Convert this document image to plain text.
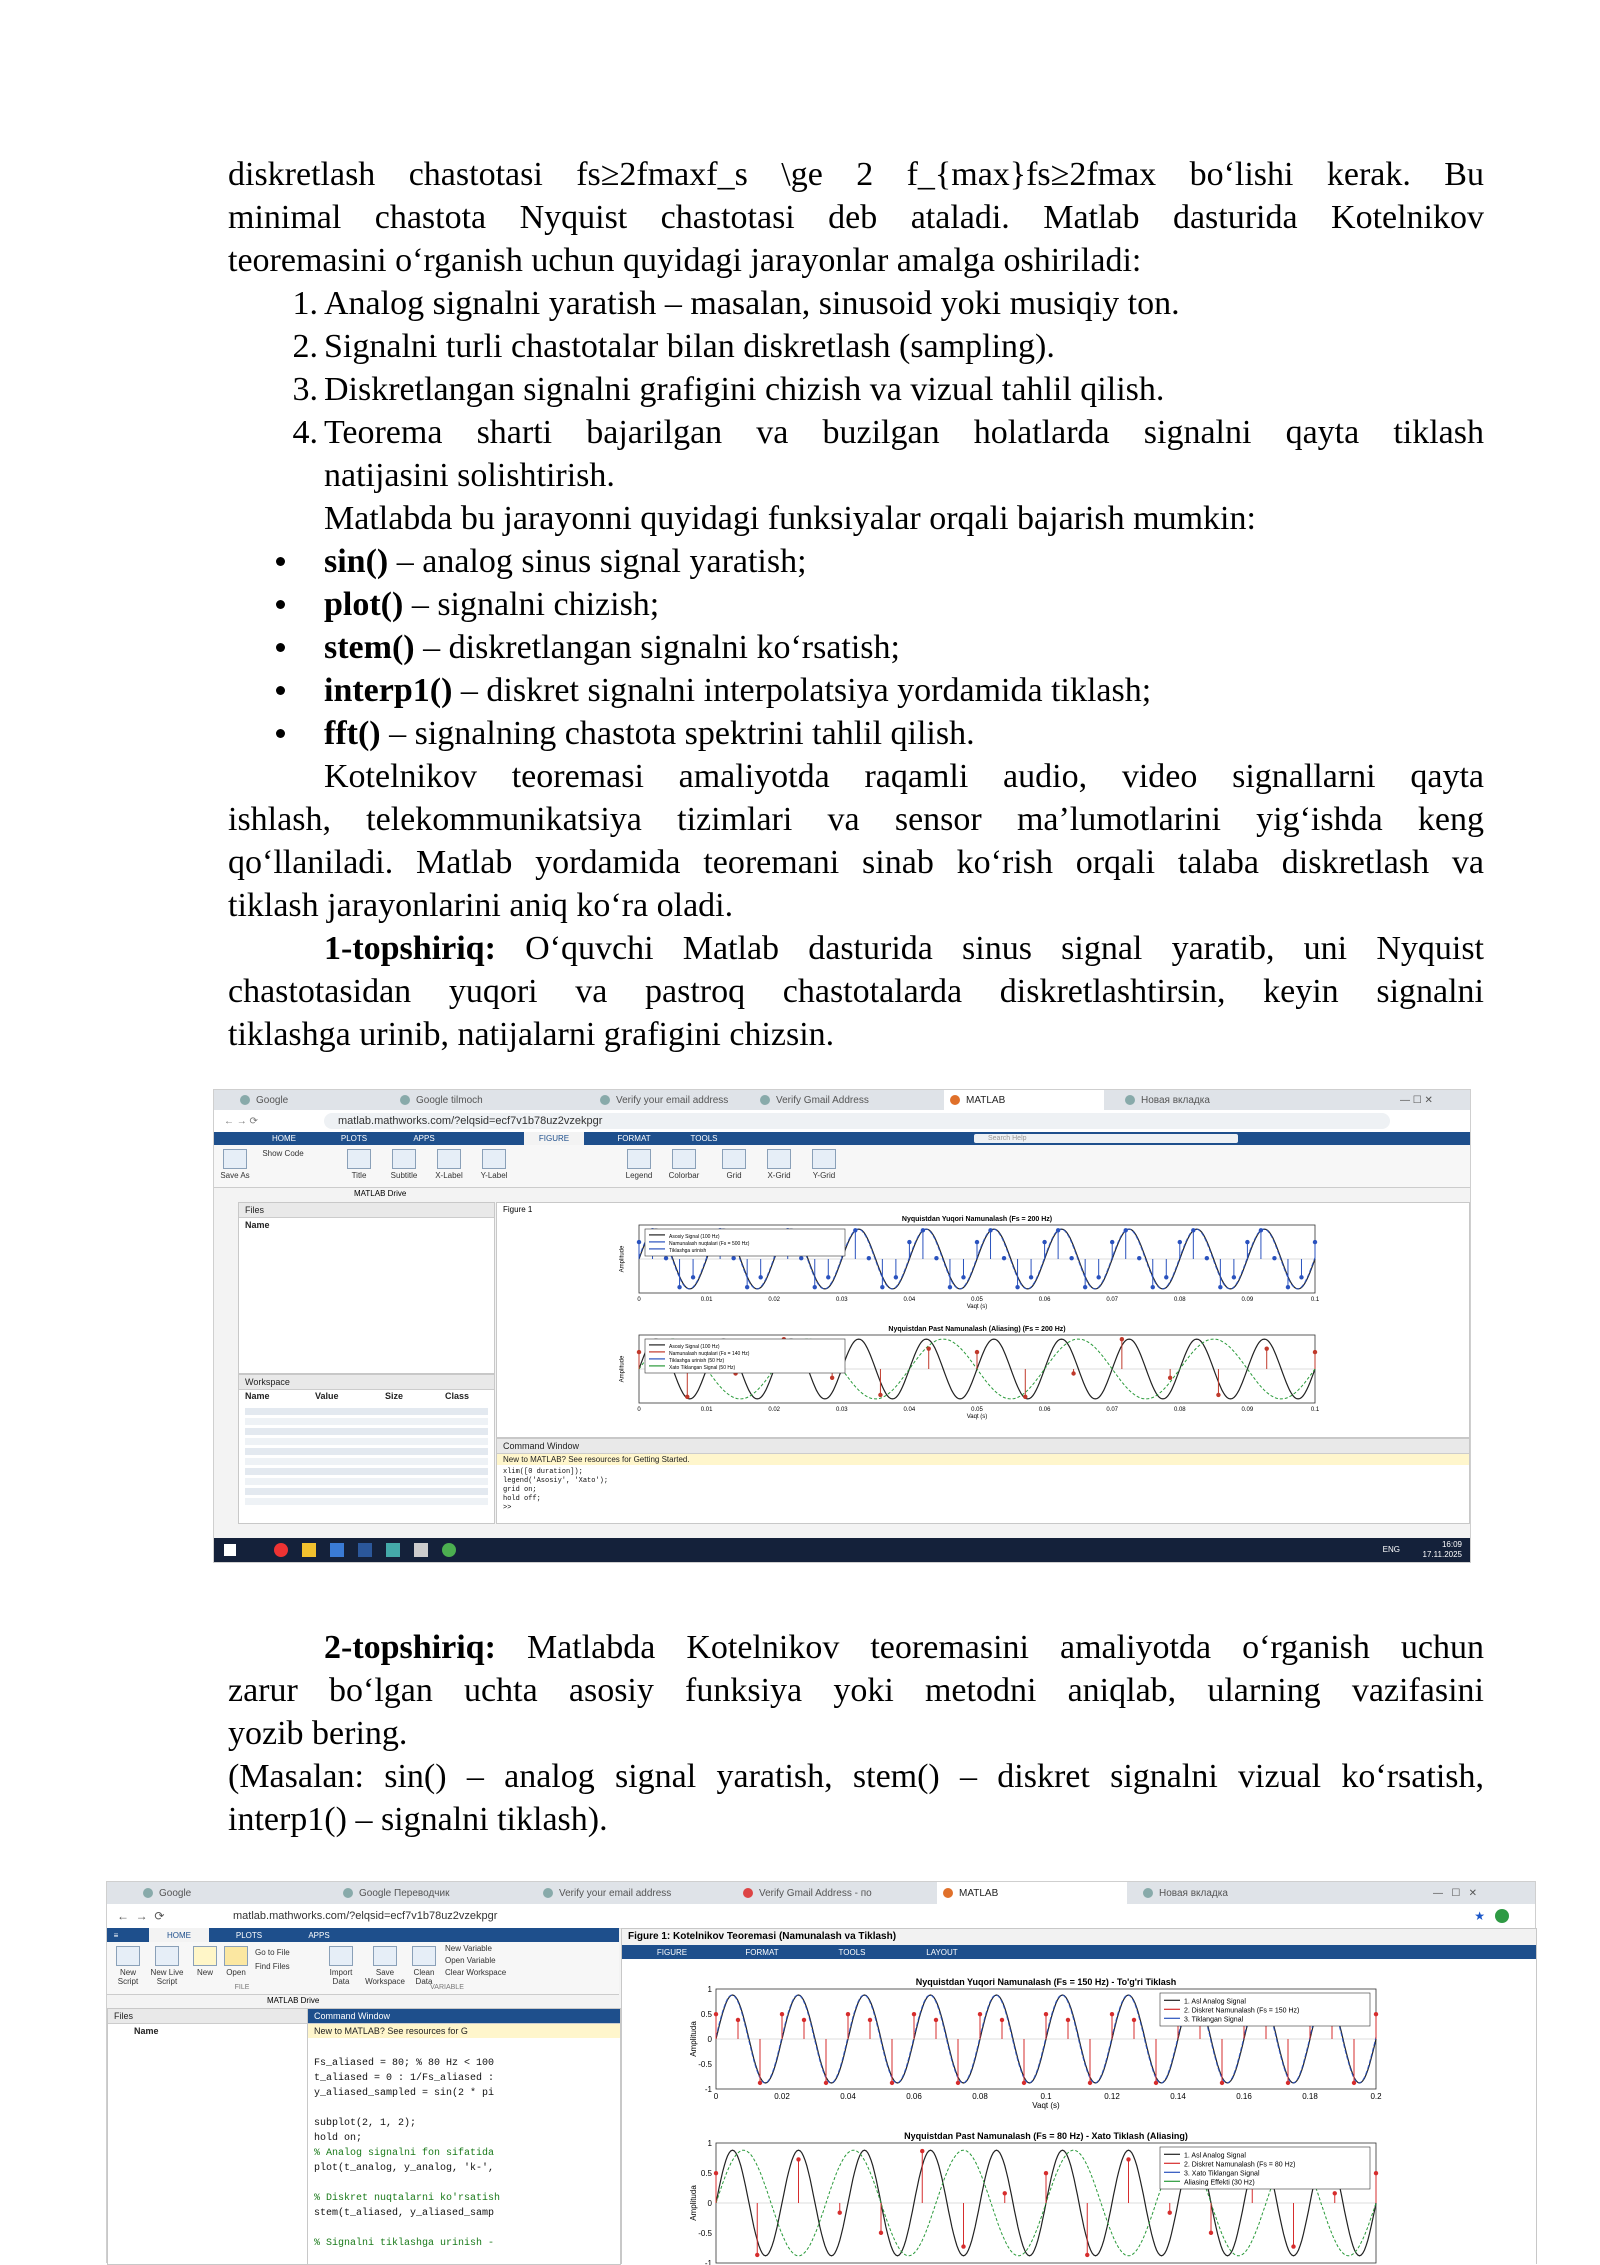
diskretlash chastotasi fs≥2fmaxf_s \ge 2 f_{max}fs≥2fmax bo‘lishi kerak. Bu
minimal chastota Nyquist chastotasi deb ataladi. Matlab dasturida Kotelnikov
teoremasini o‘rganish uchun quyidagi jarayonlar amalga oshiriladi:
1. Analog signalni yaratish – masalan, sinusoid yoki musiqiy ton.
2. Signalni turli chastotalar bilan diskretlash (sampling).
3. Diskretlangan signalni grafigini chizish va vizual tahlil qilish.
4. Teorema sharti bajarilgan va buzilgan holatlarda signalni qayta tiklash
natijasini solishtirish.
Matlabda bu jarayonni quyidagi funksiyalar orqali bajarish mumkin:
sin() – analog sinus signal yaratish;
plot() – signalni chizish;
stem() – diskretlangan signalni ko‘rsatish;
interp1() – diskret signalni interpolatsiya yordamida tiklash;
fft() – signalning chastota spektrini tahlil qilish.
Kotelnikov teoremasi amaliyotda raqamli audio, video signallarni qayta
ishlash, telekommunikatsiya tizimlari va sensor ma’lumotlarini yig‘ishda keng
qo‘llaniladi. Matlab yordamida teoremani sinab ko‘rish orqali talaba diskretlash va
tiklash jarayonlarini aniq ko‘ra oladi.
1-topshiriq: O‘quvchi Matlab dasturida sinus signal yaratib, uni Nyquist
chastotasidan yuqori va pastroq chastotalarda diskretlashtirsin, keyin signalni
tiklashga urinib, natijalarni grafigini chizsin.
Google	Google tilmoch	Verify your email address	Verify Gmail Address	MATLAB	Новая вкладка	— ☐ ✕
← → ⟳	matlab.mathworks.com/?elqsid=ecf7v1b78uz2vzekpgr
HOME	PLOTS	APPS	FIGURE	FORMAT	TOOLS	Search Help
Save As
Show Code
Title	Subtitle	X-Label	Y-Label	Legend	Colorbar	Grid	X-Grid	Y-Grid
MATLAB Drive
Files
Name
Workspace
Name	Value	Size	Class
Figure 1
Nyquistdan Yuqori Namunalash (Fs = 200 Hz)
0	0.01	0.02	0.03	0.04	0.05	0.06	0.07	0.08	0.09	0.1
Vaqt (s)
Amplitude
Asosiy Signal (100 Hz)
Namunalash nuqtalari (Fs = 500 Hz)
Tiklashga urinish
Nyquistdan Past Namunalash (Aliasing) (Fs = 200 Hz)
0	0.01	0.02	0.03	0.04	0.05	0.06	0.07	0.08	0.09	0.1
Vaqt (s)
Amplitude
Asosiy Signal (100 Hz)
Namunalash nuqtalari (Fs = 140 Hz)
Tiklashga urinish (50 Hz)
Xato Tiklangan Signal (50 Hz)
Command Window
New to MATLAB? See resources for Getting Started.
xlim([0 duration]);
legend('Asosiy', 'Xato');
grid on;
hold off;
>>
ENG
16:09
17.11.2025
2-topshiriq: Matlabda Kotelnikov teoremasini amaliyotda o‘rganish uchun
zarur bo‘lgan uchta asosiy funksiya yoki metodni aniqlab, ularning vazifasini
yozib bering.
(Masalan: sin() – analog signal yaratish, stem() – diskret signalni vizual ko‘rsatish,
interp1() – signalni tiklash).
Google	Google Переводчик	Verify your email address	Verify Gmail Address - по	MATLAB	Новая вкладка	—   ☐   ✕
←  →  ⟳	matlab.mathworks.com/?elqsid=ecf7v1b78uz2vzekpgr	★
≡	HOME	PLOTS	APPS
New Script
New Live Script
New	Open
Go to File
Find Files
Import Data
Save Workspace
Clean Data
New Variable
Open Variable
Clear Workspace
FILE	VARIABLE
MATLAB Drive
Files
Name
Command Window
New to MATLAB? See resources for G

Fs_aliased = 80; % 80 Hz < 100
t_aliased = 0 : 1/Fs_aliased :
y_aliased_sampled = sin(2 * pi

subplot(2, 1, 2);
hold on;
% Analog signalni fon sifatida
plot(t_analog, y_analog, 'k-',

% Diskret nuqtalarni ko'rsatish
stem(t_aliased, y_aliased_samp

% Signalni tiklashga urinish -
Figure 1: Kotelnikov Teoremasi (Namunalash va Tiklash)
FIGURE	FORMAT	TOOLS	LAYOUT
Nyquistdan Yuqori Namunalash (Fs = 150 Hz) - To'g'ri Tiklash
0	0.02	0.04	0.06	0.08	0.1	0.12	0.14	0.16	0.18	0.2
1
0.5
0
-0.5
-1
Vaqt (s)
Amplituda
1. Asl Analog Signal
2. Diskret Namunalash (Fs = 150 Hz)
3. Tiklangan Signal
Nyquistdan Past Namunalash (Fs = 80 Hz) - Xato Tiklash (Aliasing)
1
0.5
0
-0.5
-1
Amplituda
1. Asl Analog Signal
2. Diskret Namunalash (Fs = 80 Hz)
3. Xato Tiklangan Signal
Aliasing Effekti (30 Hz)
